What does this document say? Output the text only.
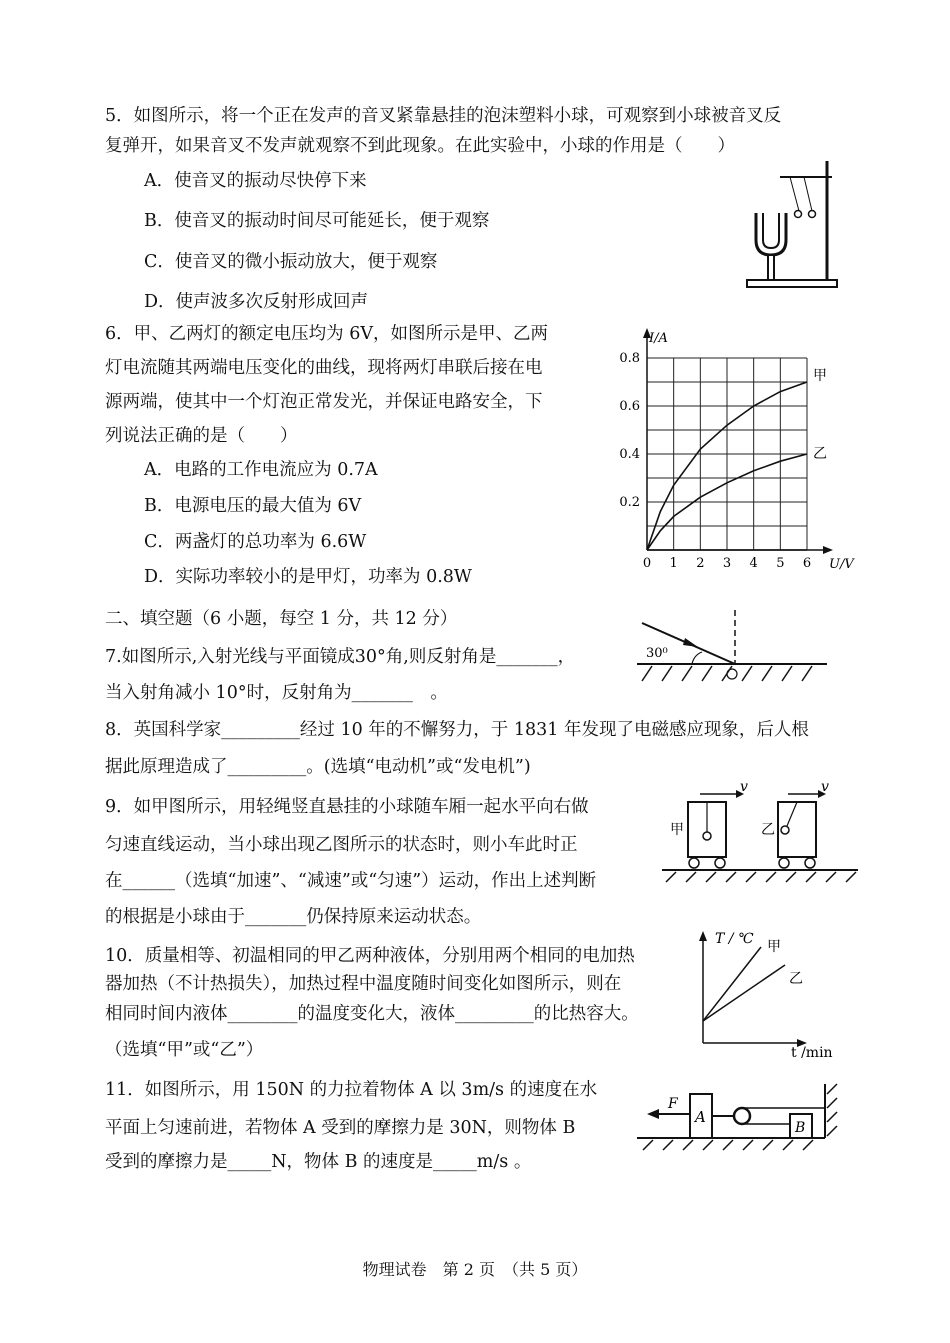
5．如图所示，将一个正在发声的音叉紧靠悬挂的泡沫塑料小球，可观察到小球被音叉反
复弹开，如果音叉不发声就观察不到此现象。在此实验中，小球的作用是（　　）
A．使音叉的振动尽快停下来
B．使音叉的振动时间尽可能延长，便于观察
C．使音叉的微小振动放大，便于观察
D．使声波多次反射形成回声
6．甲、乙两灯的额定电压均为 6V，如图所示是甲、乙两
灯电流随其两端电压变化的曲线，现将两灯串联后接在电
源两端，使其中一个灯泡正常发光，并保证电路安全，下
列说法正确的是（　　）
A．电路的工作电流应为 0.7A
B．电源电压的最大值为 6V
C．两盏灯的总功率为 6.6W
D．实际功率较小的是甲灯，功率为 0.8W
0 1 2 3 4 5 6
0.2
0.4
0.6
0.8
I/A
U/V
甲
乙
二、填空题（6 小题，每空 1 分，共 12 分）
7.如图所示,入射光线与平面镜成30°角,则反射角是_______，
当入射角减小 10°时，反射角为_______　。
30⁰
8．英国科学家_________经过 10 年的不懈努力，于 1831 年发现了电磁感应现象，后人根
据此原理造成了_________。(选填“电动机”或“发电机”)
9．如甲图所示，用轻绳竖直悬挂的小球随车厢一起水平向右做
匀速直线运动，当小球出现乙图所示的状态时，则小车此时正
在______（选填“加速”、“减速”或“匀速”）运动，作出上述判断
的根据是小球由于_______仍保持原来运动状态。
甲
v
乙
v
10．质量相等、初温相同的甲乙两种液体，分别用两个相同的电加热
器加热（不计热损失），加热过程中温度随时间变化如图所示，则在
相同时间内液体________的温度变化大，液体_________的比热容大。
（选填“甲”或“乙”）
T / ℃ 甲
乙
t /min
11．如图所示，用 150N 的力拉着物体 A 以 3m/s 的速度在水
平面上匀速前进，若物体 A 受到的摩擦力是 30N，则物体 B
受到的摩擦力是_____N，物体 B 的速度是_____m/s 。
F
A
B
物理试卷　第 2 页　（共 5 页）
